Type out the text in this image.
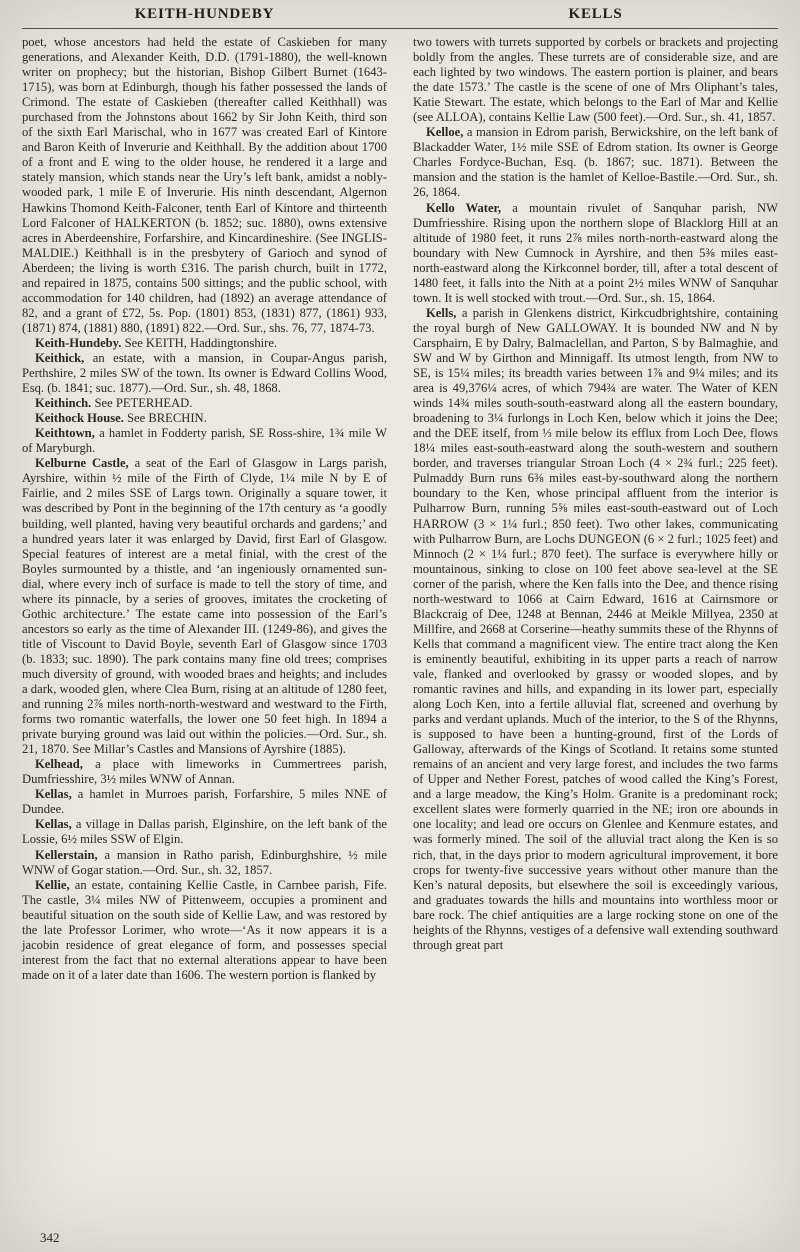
KEITH-HUNDEBY	KELLS

poet, whose ancestors had held the estate of Caskieben for many generations, and Alexander Keith, D.D. (1791-1880), the well-known writer on prophecy; but the historian, Bishop Gilbert Burnet (1643-1715), was born at Edinburgh, though his father possessed the lands of Crimond. The estate of Caskieben (thereafter called Keithhall) was purchased from the Johnstons about 1662 by Sir John Keith, third son of the sixth Earl Marischal, who in 1677 was created Earl of Kintore and Baron Keith of Inverurie and Keithhall. By the addition about 1700 of a front and E wing to the older house, he rendered it a large and stately mansion, which stands near the Ury’s left bank, amidst a nobly-wooded park, 1 mile E of Inverurie. His ninth descendant, Algernon Hawkins Thomond Keith-Falconer, tenth Earl of Kintore and thirteenth Lord Falconer of HALKERTON (b. 1852; suc. 1880), owns extensive acres in Aberdeenshire, Forfarshire, and Kincardineshire. (See INGLIS-MALDIE.) Keithhall is in the presbytery of Garioch and synod of Aberdeen; the living is worth £316. The parish church, built in 1772, and repaired in 1875, contains 500 sittings; and the public school, with accommodation for 140 children, had (1892) an average attendance of 82, and a grant of £72, 5s. Pop. (1801) 853, (1831) 877, (1861) 933, (1871) 874, (1881) 880, (1891) 822.—Ord. Sur., shs. 76, 77, 1874-73.

Keith-Hundeby. See KEITH, Haddingtonshire.

Keithick, an estate, with a mansion, in Coupar-Angus parish, Perthshire, 2 miles SW of the town. Its owner is Edward Collins Wood, Esq. (b. 1841; suc. 1877).—Ord. Sur., sh. 48, 1868.

Keithinch. See PETERHEAD.

Keithock House. See BRECHIN.

Keithtown, a hamlet in Fodderty parish, SE Ross-shire, 1¾ mile W of Maryburgh.

Kelburne Castle, a seat of the Earl of Glasgow in Largs parish, Ayrshire, within ½ mile of the Firth of Clyde, 1¼ mile N by E of Fairlie, and 2 miles SSE of Largs town. Originally a square tower, it was described by Pont in the beginning of the 17th century as ‘a goodly building, well planted, having very beautiful orchards and gardens;’ and a hundred years later it was enlarged by David, first Earl of Glasgow. Special features of interest are a metal finial, with the crest of the Boyles surmounted by a thistle, and ‘an ingeniously ornamented sun-dial, where every inch of surface is made to tell the story of time, and where its pinnacle, by a series of grooves, imitates the crocketing of Gothic architecture.’ The estate came into possession of the Earl’s ancestors so early as the time of Alexander III. (1249-86), and gives the title of Viscount to David Boyle, seventh Earl of Glasgow since 1703 (b. 1833; suc. 1890). The park contains many fine old trees; comprises much diversity of ground, with wooded braes and heights; and includes a dark, wooded glen, where Clea Burn, rising at an altitude of 1280 feet, and running 2⅞ miles north-north-westward and westward to the Firth, forms two romantic waterfalls, the lower one 50 feet high. In 1894 a private burying ground was laid out within the policies.—Ord. Sur., sh. 21, 1870. See Millar’s Castles and Mansions of Ayrshire (1885).

Kelhead, a place with limeworks in Cummertrees parish, Dumfriesshire, 3½ miles WNW of Annan.

Kellas, a hamlet in Murroes parish, Forfarshire, 5 miles NNE of Dundee.

Kellas, a village in Dallas parish, Elginshire, on the left bank of the Lossie, 6½ miles SSW of Elgin.

Kellerstain, a mansion in Ratho parish, Edinburghshire, ½ mile WNW of Gogar station.—Ord. Sur., sh. 32, 1857.

Kellie, an estate, containing Kellie Castle, in Carnbee parish, Fife. The castle, 3¼ miles NW of Pittenweem, occupies a prominent and beautiful situation on the south side of Kellie Law, and was restored by the late Professor Lorimer, who wrote—‘As it now appears it is a jacobin residence of great elegance of form, and possesses special interest from the fact that no external alterations appear to have been made on it of a later date than 1606. The western portion is flanked by

two towers with turrets supported by corbels or brackets and projecting boldly from the angles. These turrets are of considerable size, and are each lighted by two windows. The eastern portion is plainer, and bears the date 1573.’ The castle is the scene of one of Mrs Oliphant’s tales, Katie Stewart. The estate, which belongs to the Earl of Mar and Kellie (see ALLOA), contains Kellie Law (500 feet).—Ord. Sur., sh. 41, 1857.

Kelloe, a mansion in Edrom parish, Berwickshire, on the left bank of Blackadder Water, 1½ mile SSE of Edrom station. Its owner is George Charles Fordyce-Buchan, Esq. (b. 1867; suc. 1871). Between the mansion and the station is the hamlet of Kelloe-Bastile.—Ord. Sur., sh. 26, 1864.

Kello Water, a mountain rivulet of Sanquhar parish, NW Dumfriesshire. Rising upon the northern slope of Blacklorg Hill at an altitude of 1980 feet, it runs 2⅞ miles north-north-eastward along the boundary with New Cumnock in Ayrshire, and then 5⅜ miles east-north-eastward along the Kirkconnel border, till, after a total descent of 1480 feet, it falls into the Nith at a point 2½ miles WNW of Sanquhar town. It is well stocked with trout.—Ord. Sur., sh. 15, 1864.

Kells, a parish in Glenkens district, Kirkcudbrightshire, containing the royal burgh of New GALLOWAY. It is bounded NW and N by Carsphairn, E by Dalry, Balmaclellan, and Parton, S by Balmaghie, and SW and W by Girthon and Minnigaff. Its utmost length, from NW to SE, is 15¼ miles; its breadth varies between 1⅞ and 9¼ miles; and its area is 49,376¼ acres, of which 794¾ are water. The Water of KEN winds 14¾ miles south-south-eastward along all the eastern boundary, broadening to 3¼ furlongs in Loch Ken, below which it joins the Dee; and the DEE itself, from ⅓ mile below its efflux from Loch Dee, flows 18¼ miles east-south-eastward along the south-western and southern border, and traverses triangular Stroan Loch (4 × 2¾ furl.; 225 feet). Pulmaddy Burn runs 6⅜ miles east-by-southward along the northern boundary to the Ken, whose principal affluent from the interior is Pulharrow Burn, running 5⅝ miles east-south-eastward out of Loch HARROW (3 × 1¼ furl.; 850 feet). Two other lakes, communicating with Pulharrow Burn, are Lochs DUNGEON (6 × 2 furl.; 1025 feet) and Minnoch (2 × 1¼ furl.; 870 feet). The surface is everywhere hilly or mountainous, sinking to close on 100 feet above sea-level at the SE corner of the parish, where the Ken falls into the Dee, and thence rising north-westward to 1066 at Cairn Edward, 1616 at Cairnsmore or Blackcraig of Dee, 1248 at Bennan, 2446 at Meikle Millyea, 2350 at Millfire, and 2668 at Corserine—heathy summits these of the Rhynns of Kells that command a magnificent view. The entire tract along the Ken is eminently beautiful, exhibiting in its upper parts a reach of narrow vale, flanked and overlooked by grassy or wooded slopes, and by romantic ravines and hills, and expanding in its lower part, especially along Loch Ken, into a fertile alluvial flat, screened and overhung by parks and verdant uplands. Much of the interior, to the S of the Rhynns, is supposed to have been a hunting-ground, first of the Lords of Galloway, afterwards of the Kings of Scotland. It retains some stunted remains of an ancient and very large forest, and includes the two farms of Upper and Nether Forest, patches of wood called the King’s Forest, and a large meadow, the King’s Holm. Granite is a predominant rock; excellent slates were formerly quarried in the NE; iron ore abounds in one locality; and lead ore occurs on Glenlee and Kenmure estates, and was formerly mined. The soil of the alluvial tract along the Ken is so rich, that, in the days prior to modern agricultural improvement, it bore crops for twenty-five successive years without other manure than the Ken’s natural deposits, but elsewhere the soil is exceedingly various, and graduates towards the hills and mountains into worthless moor or bare rock. The chief antiquities are a large rocking stone on one of the heights of the Rhynns, vestiges of a defensive wall extending southward through great part

342
